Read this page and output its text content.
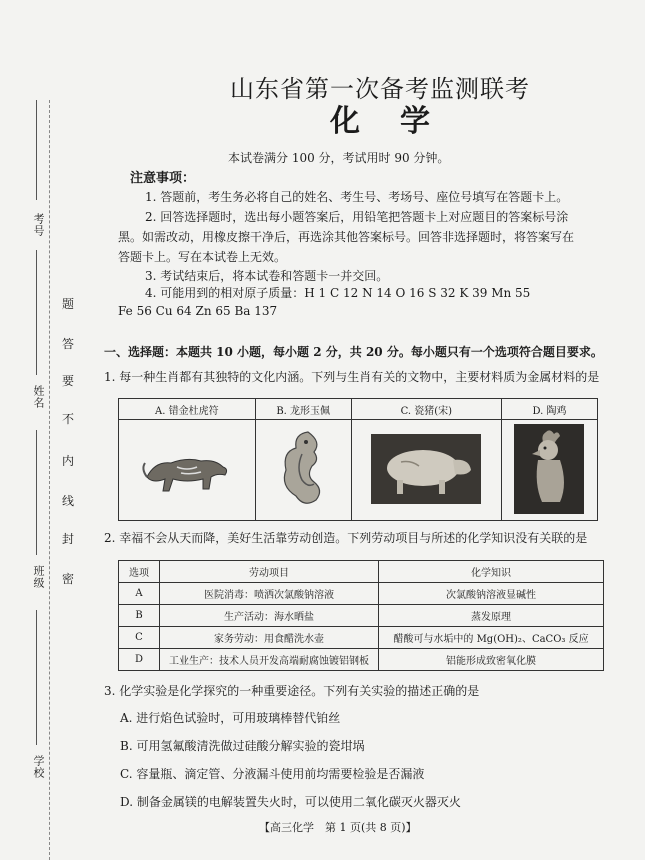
考号
姓名
班级
学校
题
答
要
不
内
线
封
密
山东省第一次备考监测联考
化学
本试卷满分 100 分，考试用时 90 分钟。
注意事项：
1. 答题前，考生务必将自己的姓名、考生号、考场号、座位号填写在答题卡上。
2. 回答选择题时，选出每小题答案后，用铅笔把答题卡上对应题目的答案标号涂
黑。如需改动，用橡皮擦干净后，再选涂其他答案标号。回答非选择题时，将答案写在
答题卡上。写在本试卷上无效。
3. 考试结束后，将本试卷和答题卡一并交回。
4. 可能用到的相对原子质量：H 1 C 12 N 14 O 16 S 32 K 39 Mn 55
Fe 56 Cu 64 Zn 65 Ba 137
一、选择题：本题共 10 小题，每小题 2 分，共 20 分。每小题只有一个选项符合题目要求。
1. 每一种生肖都有其独特的文化内涵。下列与生肖有关的文物中，主要材料质为金属材料的是
A. 错金杜虎符	B. 龙形玉佩	C. 瓷猪(宋)	D. 陶鸡

2. 幸福不会从天而降，美好生活靠劳动创造。下列劳动项目与所述的化学知识没有关联的是
选项	劳动项目	化学知识
A	医院消毒：喷洒次氯酸钠溶液	次氯酸钠溶液显碱性
B	生产活动：海水晒盐	蒸发原理
C	家务劳动：用食醋洗水壶	醋酸可与水垢中的 Mg(OH)₂、CaCO₃ 反应
D	工业生产：技术人员开发高端耐腐蚀镀铝钢板	铝能形成致密氧化膜
3. 化学实验是化学探究的一种重要途径。下列有关实验的描述正确的是
A. 进行焰色试验时，可用玻璃棒替代铂丝
B. 可用氢氟酸清洗做过硅酸分解实验的瓷坩埚
C. 容量瓶、滴定管、分液漏斗使用前均需要检验是否漏液
D. 制备金属镁的电解装置失火时，可以使用二氧化碳灭火器灭火
【高三化学　第 1 页(共 8 页)】
